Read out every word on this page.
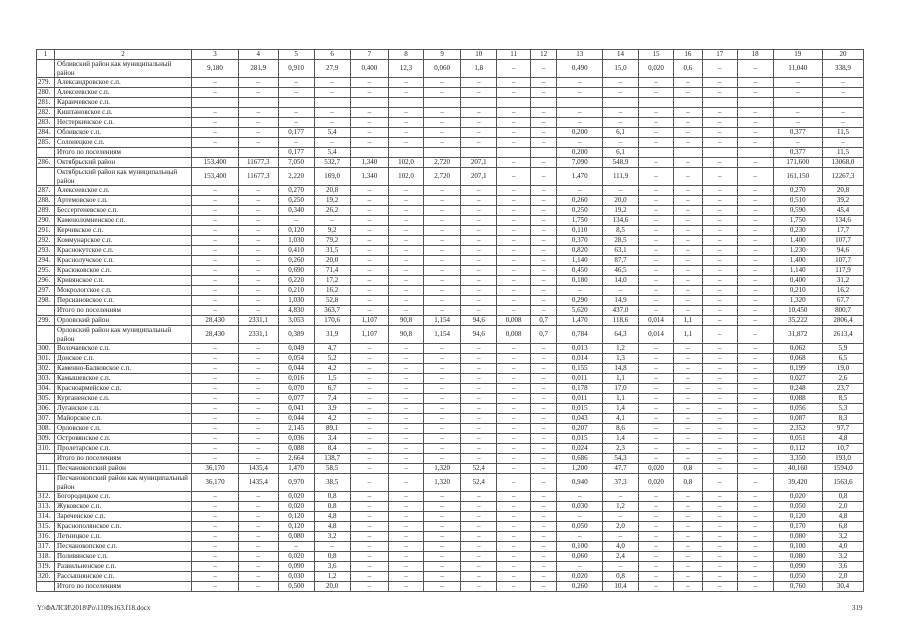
1	2	3	4	5	6	7	8	9	10	11	12	13	14	15	16	17	18	19	20
	Обливский район как муниципальный район	9,180	281,9	0,910	27,9	0,400	12,3	0,060	1,8	–	–	0,490	15,0	0,020	0,6	–	–	11,040	338,9
279.	Александровское с.п.	–	–	–	–	–	–	–	–	–	–	–	–	–	–	–	–	–	–
280.	Алексеевское с.п.	–	–	–	–	–	–	–	–	–	–	–	–	–	–	–	–	–	–
281.	Караичевское с.п.																		
282.	Киштановское с.п.	–	–	–	–	–	–	–	–	–	–	–	–	–	–	–	–	–	–
283.	Нестеркинское с.п.	–	–	–	–	–	–	–	–	–	–	–	–	–	–	–	–	–	–
284.	Обливское с.п.	–	–	0,177	5,4	–	–	–	–	–	–	0,200	6,1	–	–	–	–	0,377	11,5
285.	Солонецкое с.п.	–	–	–	–	–	–	–	–	–	–	–	–	–	–	–	–	–	–
	Итого по поселениям			0,177	5,4							0,200	6,1					0,377	11,5
286.	Октябрьский район	153,400	11677,3	7,050	532,7	1,340	102,0	2,720	207,1	–	–	7,090	548,9	–	–	–	–	171,600	13068,0
	Октябрьский район как муниципальный район	153,400	11677,3	2,220	169,0	1,340	102,0	2,720	207,1	–	–	1,470	111,9	–	–	–	–	161,150	12267,3
287.	Алексеевское с.п.	–	–	0,270	20,8	–	–	–	–	–	–	–	–	–	–	–	–	0,270	20,8
288.	Артемовское с.п.	–	–	0,250	19,2	–	–	–	–	–	–	0,260	20,0	–	–	–	–	0,510	39,2
289.	Бессергеневское с.п.	–	–	0,340	26,2	–	–	–	–	–	–	0,250	19,2	–	–	–	–	0,590	45,4
290.	Каменоломненское г.п.	–	–	–	–	–	–	–	–	–	–	1,750	134,6	–	–	–	–	1,750	134,6
291.	Керчикское с.п.	–	–	0,120	9,2	–	–	–	–	–	–	0,110	8,5	–	–	–	–	0,230	17,7
292.	Коммунарское с.п.	–	–	1,030	79,2	–	–	–	–	–	–	0,370	28,5	–	–	–	–	1,400	107,7
293.	Краснокутское с.п.	–	–	0,410	31,5	–	–	–	–	–	–	0,820	63,1	–	–	–	–	1,230	94,6
294.	Краснолучское с.п.	–	–	0,260	20,0	–	–	–	–	–	–	1,140	87,7	–	–	–	–	1,400	107,7
295.	Красюковское с.п.	–	–	0,690	71,4	–	–	–	–	–	–	0,450	46,5	–	–	–	–	1,140	117,9
296.	Кривянское с.п.	–	–	0,220	17,2	–	–	–	–	–	–	0,180	14,0	–	–	–	–	0,400	31,2
297.	Мокрологское с.п.	–	–	0,210	16,2	–	–	–	–	–	–	–	–	–	–	–	–	0,210	16,2
298.	Персиановское с.п.	–	–	1,030	52,8	–	–	–	–	–	–	0,290	14,9	–	–	–	–	1,320	67,7
	Итого по поселениям	–	–	4,830	363,7	–	–	–	–	–	–	5,620	437,0	–	–	–	–	10,450	800,7
299.	Орловский район	28,430	2331,1	3,053	170,6	1,107	90,8	1,154	94,6	0,008	0,7	1,470	118,6	0,014	1,1	–	–	35,222	2806,4
	Орловский район как муниципальный район	28,430	2331,1	0,389	31,9	1,107	90,8	1,154	94,6	0,008	0,7	0,784	64,3	0,014	1,1	–	–	31,872	2613,4
300.	Волочаевское с.п.	–	–	0,049	4,7	–	–	–	–	–	–	0,013	1,2	–	–	–	–	0,062	5,9
301.	Донское с.п.	–	–	0,054	5,2	–	–	–	–	–	–	0,014	1,3	–	–	–	–	0,068	6,5
302.	Каменно-Балковское с.п.	–	–	0,044	4,2	–	–	–	–	–	–	0,155	14,8	–	–	–	–	0,199	19,0
303.	Камышевское с.п.	–	–	0,016	1,5	–	–	–	–	–	–	0,011	1,1	–	–	–	–	0,027	2,6
304.	Красноармейское с.п.	–	–	0,070	6,7	–	–	–	–	–	–	0,178	17,0	–	–	–	–	0,248	23,7
305.	Курганенское с.п.	–	–	0,077	7,4	–	–	–	–	–	–	0,011	1,1	–	–	–	–	0,088	8,5
306.	Луганское с.п.	–	–	0,041	3,9	–	–	–	–	–	–	0,015	1,4	–	–	–	–	0,056	5,3
307.	Майорское с.п.	–	–	0,044	4,2	–	–	–	–	–	–	0,043	4,1	–	–	–	–	0,087	8,3
308.	Орловское с.п.	–	–	2,145	89,1	–	–	–	–	–	–	0,207	8,6	–	–	–	–	2,352	97,7
309.	Островянское с.п.	–	–	0,036	3,4	–	–	–	–	–	–	0,015	1,4	–	–	–	–	0,051	4,8
310.	Пролетарское с.п.	–	–	0,088	8,4	–	–	–	–	–	–	0,024	2,3	–	–	–	–	0,112	10,7
	Итого по поселениям	–	–	2,664	138,7	–	–	–	–	–	–	0,686	54,3	–	–	–	–	3,350	193,0
311.	Песчанокопский район	36,170	1435,4	1,470	58,5	–	–	1,320	52,4	–	–	1,200	47,7	0,020	0,8	–	–	40,160	1594,0
	Песчанокопский район как муниципальный район	36,170	1435,4	0,970	38,5	–	–	1,320	52,4	–	–	0,940	37,3	0,020	0,8	–	–	39,420	1563,6
312.	Богородицкое с.п.	–	–	0,020	0,8	–	–	–	–	–	–	–	–	–	–	–	–	0,020	0,8
313.	Жуковское с.п.	–	–	0,020	0,8	–	–	–	–	–	–	0,030	1,2	–	–	–	–	0,050	2,0
314.	Зареченское с.п.	–	–	0,120	4,8	–	–	–	–	–	–	–	–	–	–	–	–	0,120	4,8
315.	Краснополянское с.п.	–	–	0,120	4,8	–	–	–	–	–	–	0,050	2,0	–	–	–	–	0,170	6,8
316.	Летницкое с.п.	–	–	0,080	3,2	–	–	–	–	–	–	–	–	–	–	–	–	0,080	3,2
317.	Песчанокопское с.п.	–	–	–	–	–	–	–	–	–	–	0,100	4,0	–	–	–	–	0,100	4,0
318.	Поливянское с.п.	–	–	0,020	0,8	–	–	–	–	–	–	0,060	2,4	–	–	–	–	0,080	3,2
319.	Развильненское с.п.	–	–	0,090	3,6	–	–	–	–	–	–	–	–	–	–	–	–	0,090	3,6
320.	Рассыпнянское с.п.	–	–	0,030	1,2	–	–	–	–	–	–	0,020	0,8	–	–	–	–	0,050	2,0
	Итого по поселениям	–	–	0,500	20,0	–	–	–	–	–	–	0,260	10,4	–	–	–	–	0,760	30,4
Y:\ФАЛСИ\2018\Ро\1109s163.f18.docx	319
